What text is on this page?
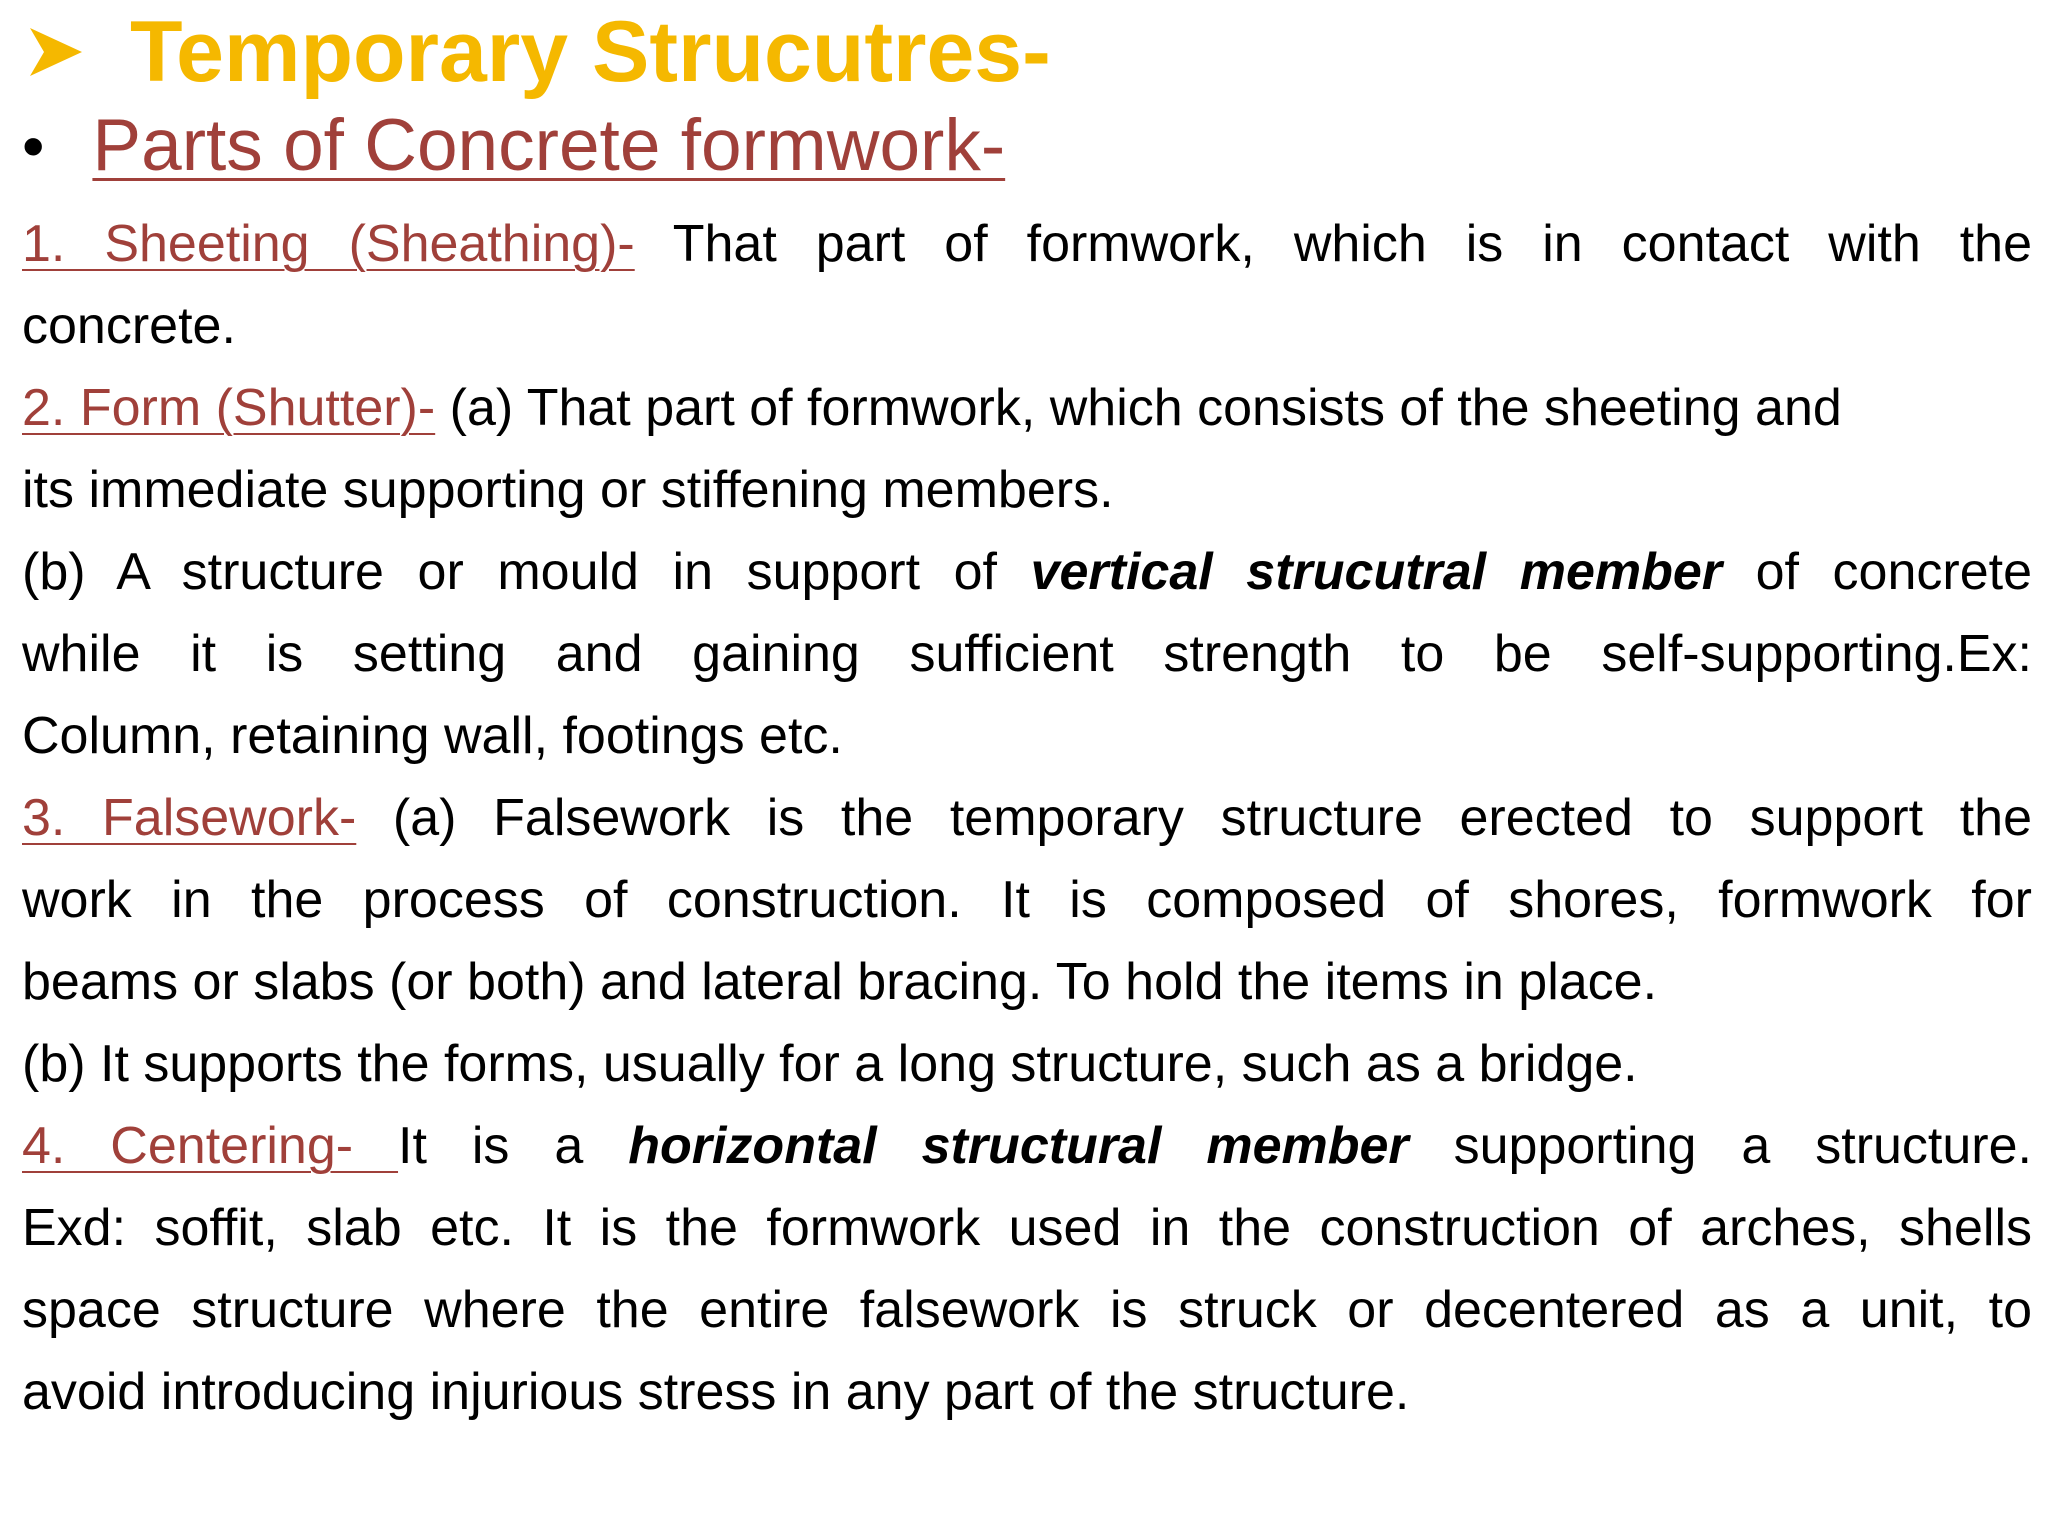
Temporary Strucutres-
• Parts of Concrete formwork-
1. Sheeting (Sheathing)- That part of formwork, which is in contact with the
concrete.
2. Form (Shutter)- (a) That part of formwork, which consists of the sheeting and
its immediate supporting or stiffening members.
(b) A structure or mould in support of vertical strucutral member of concrete
while it is setting and gaining sufficient strength to be self-supporting.Ex:
Column, retaining wall, footings etc.
3. Falsework- (a) Falsework is the temporary structure erected to support the
work in the process of construction. It is composed of shores, formwork for
beams or slabs (or both) and lateral bracing. To hold the items in place.
(b) It supports the forms, usually for a long structure, such as a bridge.
4. Centering- It is a horizontal structural member supporting a structure.
Exd: soffit, slab etc. It is the formwork used in the construction of arches, shells
space structure where the entire falsework is struck or decentered as a unit, to
avoid introducing injurious stress in any part of the structure.
